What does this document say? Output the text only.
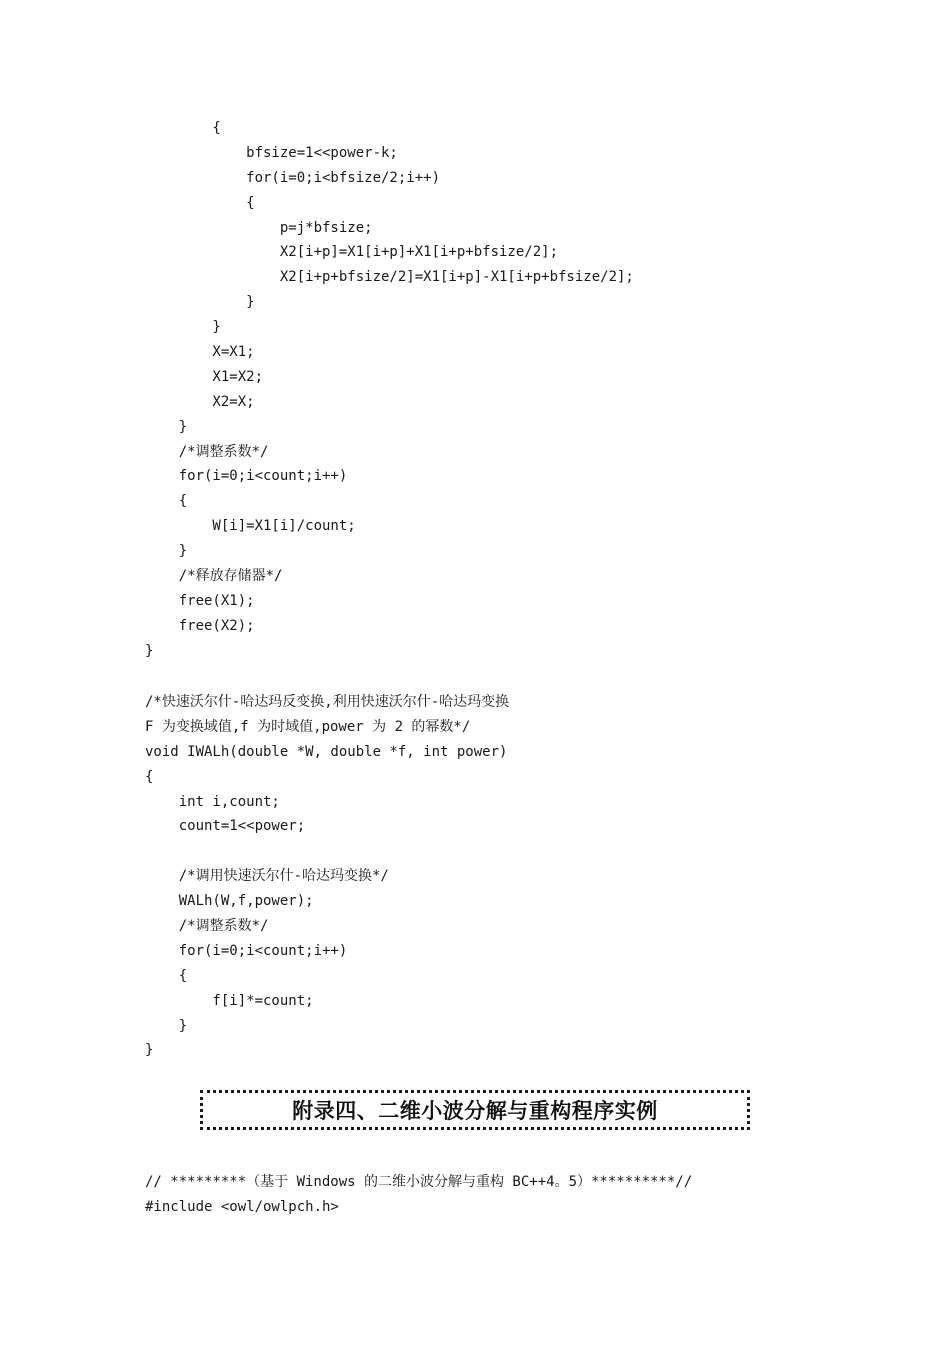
{
bfsize=1<<power-k;
for(i=0;i<bfsize/2;i++)
{
p=j*bfsize;
X2[i+p]=X1[i+p]+X1[i+p+bfsize/2];
X2[i+p+bfsize/2]=X1[i+p]-X1[i+p+bfsize/2];
}
}
X=X1;
X1=X2;
X2=X;
}
/*调整系数*/
for(i=0;i<count;i++)
{
W[i]=X1[i]/count;
}
/*释放存储器*/
free(X1);
free(X2);
}
/*快速沃尔什-哈达玛反变换,利用快速沃尔什-哈达玛变换
F 为变换域值,f 为时域值,power 为 2 的幂数*/
void IWALh(double *W, double *f, int power)
{
int i,count;
count=1<<power;
/*调用快速沃尔什-哈达玛变换*/
WALh(W,f,power);
/*调整系数*/
for(i=0;i<count;i++)
{
f[i]*=count;
}
}
附录四、二维小波分解与重构程序实例
// *********（基于 Windows 的二维小波分解与重构 BC++4。5）**********//
#include <owl/owlpch.h>
